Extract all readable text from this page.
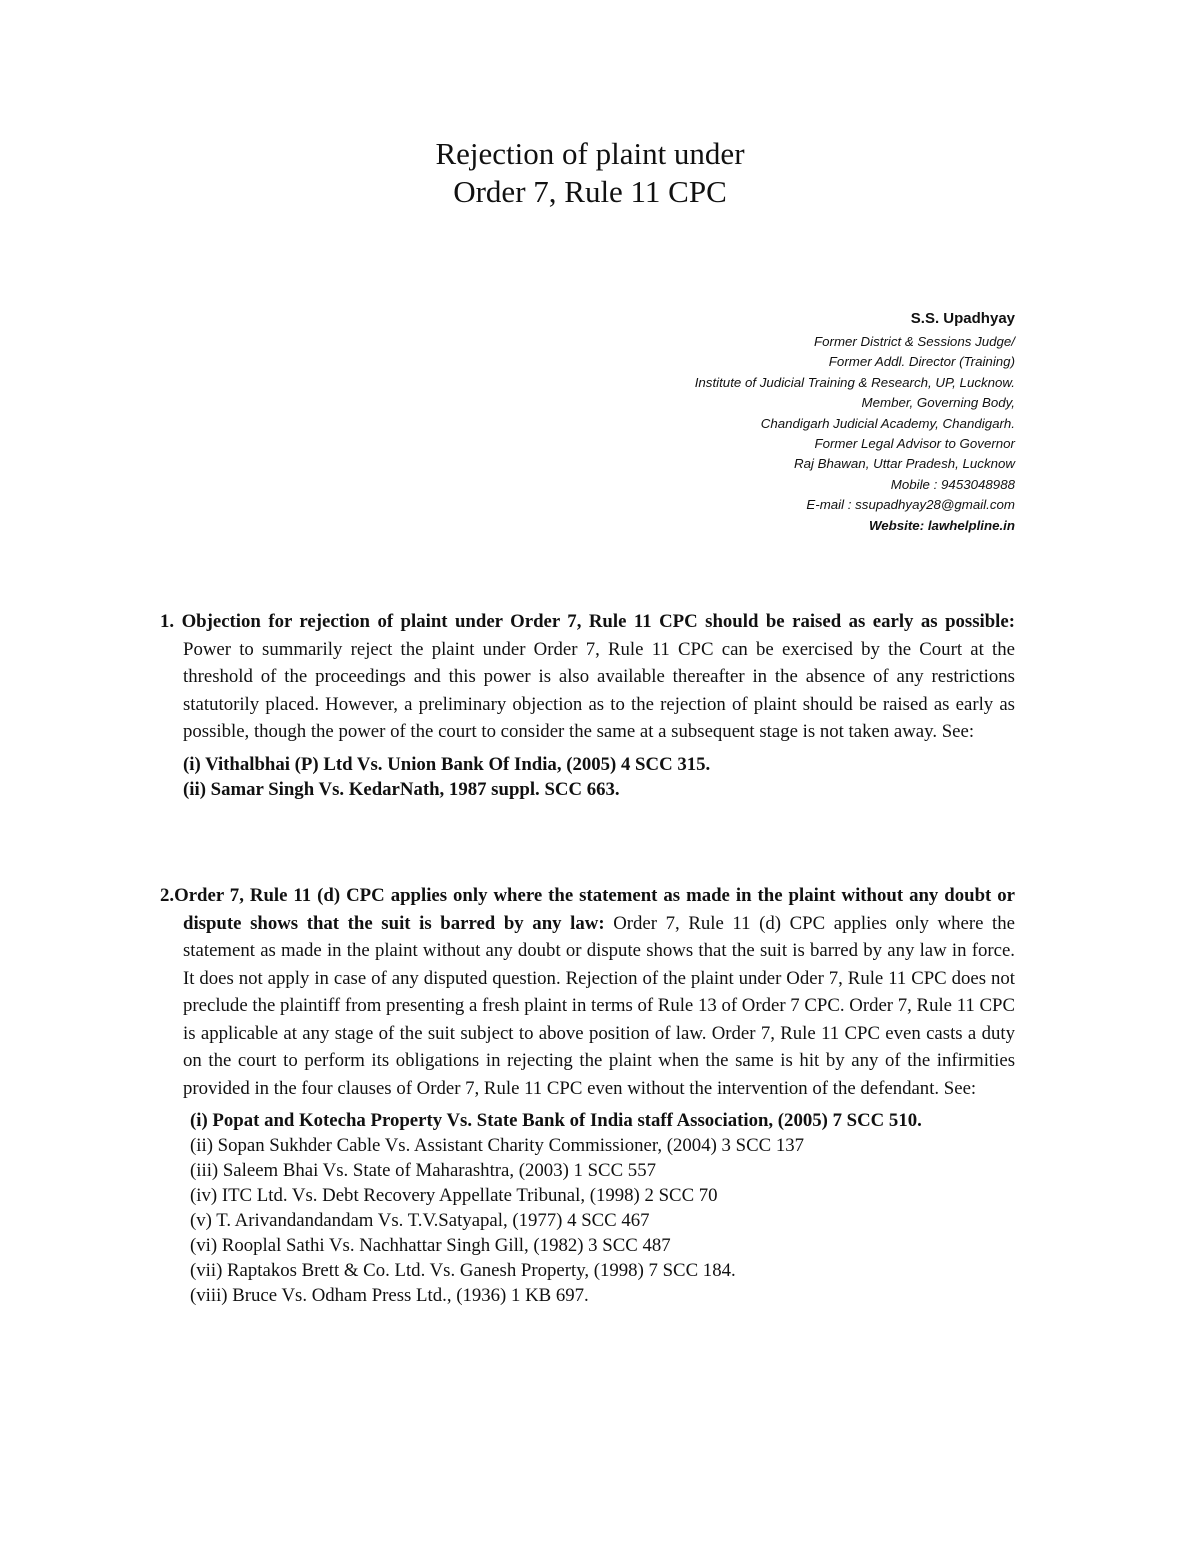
Rejection of plaint under
Order 7, Rule 11 CPC
S.S. Upadhyay
Former District & Sessions Judge/
Former Addl. Director (Training)
Institute of Judicial Training & Research, UP, Lucknow.
Member, Governing Body,
Chandigarh Judicial Academy, Chandigarh.
Former Legal Advisor to Governor
Raj Bhawan, Uttar Pradesh, Lucknow
Mobile : 9453048988
E-mail : ssupadhyay28@gmail.com
Website: lawhelpline.in

1. Objection for rejection of plaint under Order 7, Rule 11 CPC should be raised as early as possible: Power to summarily reject the plaint under Order 7, Rule 11 CPC can be exercised by the Court at the threshold of the proceedings and this power is also available thereafter in the absence of any restrictions statutorily placed. However, a preliminary objection as to the rejection of plaint should be raised as early as possible, though the power of the court to consider the same at a subsequent stage is not taken away. See:

(i) Vithalbhai (P) Ltd Vs. Union Bank Of India, (2005) 4 SCC 315.
(ii) Samar Singh Vs. KedarNath, 1987 suppl. SCC 663.

2.Order 7, Rule 11 (d) CPC applies only where the statement as made in the plaint without any doubt or dispute shows that the suit is barred by any law: Order 7, Rule 11 (d) CPC applies only where the statement as made in the plaint without any doubt or dispute shows that the suit is barred by any law in force. It does not apply in case of any disputed question. Rejection of the plaint under Oder 7, Rule 11 CPC does not preclude the plaintiff from presenting a fresh plaint in terms of Rule 13 of Order 7 CPC. Order 7, Rule 11 CPC is applicable at any stage of the suit subject to above position of law. Order 7, Rule 11 CPC even casts a duty on the court to perform its obligations in rejecting the plaint when the same is hit by any of the infirmities provided in the four clauses of Order 7, Rule 11 CPC even without the intervention of the defendant. See:

(i) Popat and Kotecha Property Vs. State Bank of India staff Association, (2005) 7 SCC 510.
(ii) Sopan Sukhder Cable Vs. Assistant Charity Commissioner, (2004) 3 SCC 137
(iii) Saleem Bhai Vs. State of Maharashtra, (2003) 1 SCC 557
(iv) ITC Ltd. Vs. Debt Recovery Appellate Tribunal, (1998) 2 SCC 70
(v) T. Arivandandandam Vs. T.V.Satyapal, (1977) 4 SCC 467
(vi) Rooplal Sathi Vs. Nachhattar Singh Gill, (1982) 3 SCC 487
(vii) Raptakos Brett & Co. Ltd. Vs. Ganesh Property, (1998) 7 SCC 184.
(viii) Bruce Vs. Odham Press Ltd., (1936) 1 KB 697.
